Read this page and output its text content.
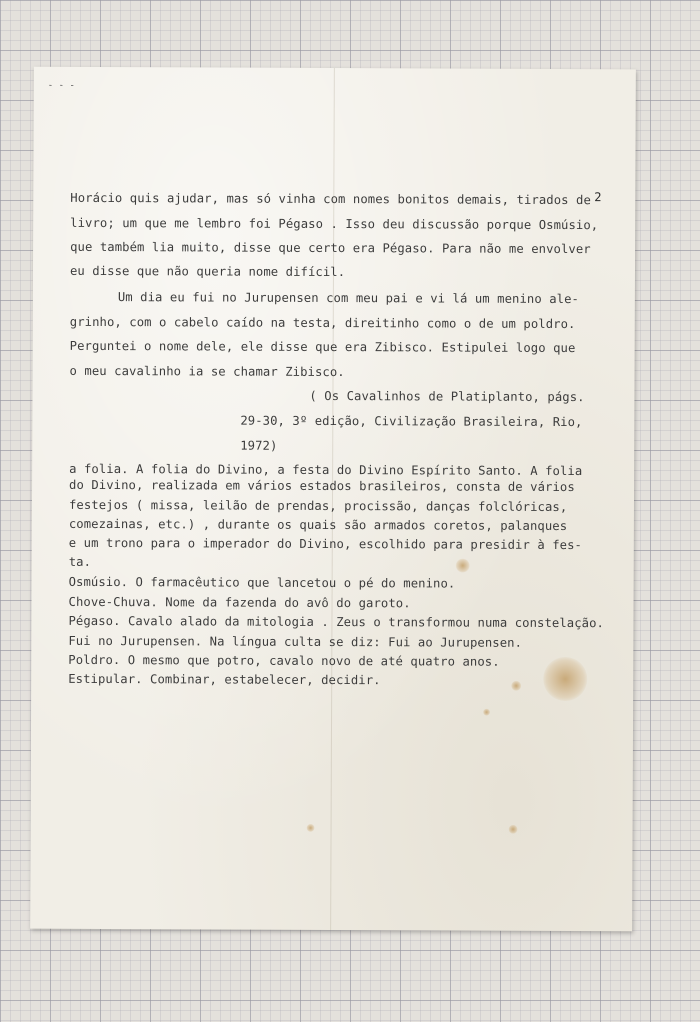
- - -
2
Horácio quis ajudar, mas só vinha com nomes bonitos demais, tirados de
livro; um que me lembro foi Pégaso . Isso deu discussão porque Osmúsio,
que também lia muito, disse que certo era Pégaso. Para não me envolver
eu disse que não queria nome difícil.
Um dia eu fui no Jurupensen com meu pai e vi lá um menino ale-
grinho, com o cabelo caído na testa, direitinho como o de um poldro.
Perguntei o nome dele, ele disse que era Zibisco. Estipulei logo que
o meu cavalinho ia se chamar Zibisco.
( Os Cavalinhos de Platiplanto, págs.
29-30, 3º edição, Civilização Brasileira, Rio,
1972)
a folia. A folia do Divino, a festa do Divino Espírito Santo. A folia
do Divino, realizada em vários estados brasileiros, consta de vários
festejos ( missa, leilão de prendas, procissão, danças folclóricas,
comezainas, etc.) , durante os quais são armados coretos, palanques
e um trono para o imperador do Divino, escolhido para presidir à fes-
ta.
Osmúsio. O farmacêutico que lancetou o pé do menino.
Chove-Chuva. Nome da fazenda do avô do garoto.
Pégaso. Cavalo alado da mitologia . Zeus o transformou numa constelação.
Fui no Jurupensen. Na língua culta se diz: Fui ao Jurupensen.
Poldro. O mesmo que potro, cavalo novo de até quatro anos.
Estipular. Combinar, estabelecer, decidir.
